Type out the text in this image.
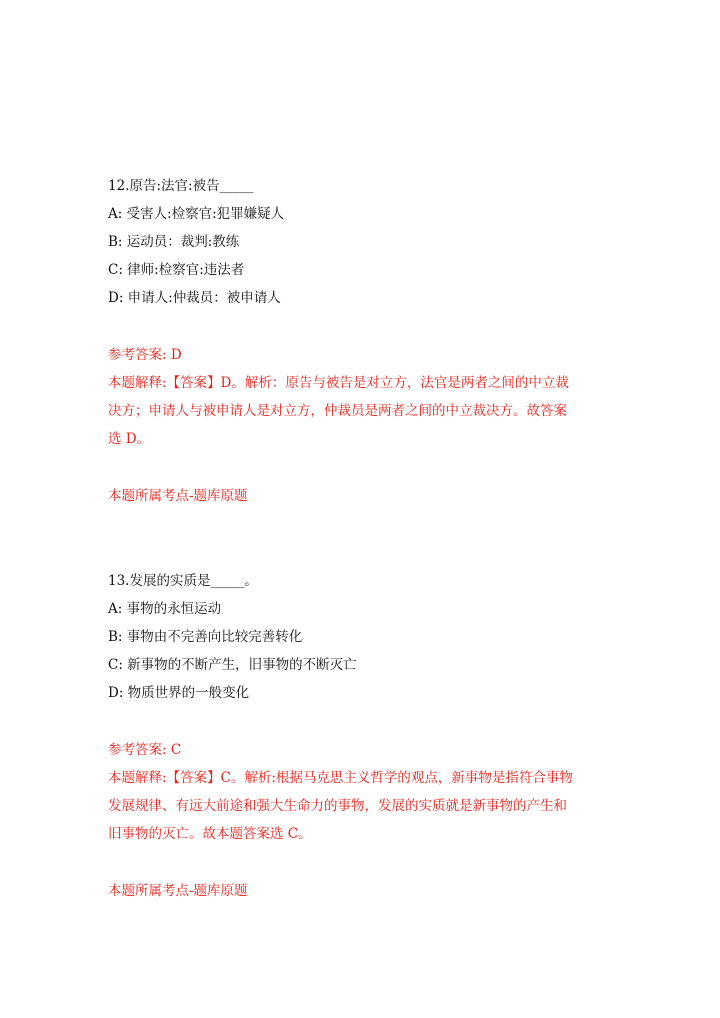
12.原告:法官:被告_____
A: 受害人:检察官:犯罪嫌疑人
B: 运动员：裁判:教练
C: 律师:检察官:违法者
D: 申请人:仲裁员：被申请人
参考答案: D
本题解释:【答案】D。解析：原告与被告是对立方，法官是两者之间的中立裁
决方；申请人与被申请人是对立方，仲裁员是两者之间的中立裁决方。故答案
选 D。
本题所属考点-题库原题
13.发展的实质是_____。
A: 事物的永恒运动
B: 事物由不完善向比较完善转化
C: 新事物的不断产生，旧事物的不断灭亡
D: 物质世界的一般变化
参考答案: C
本题解释:【答案】C。解析:根据马克思主义哲学的观点，新事物是指符合事物
发展规律、有远大前途和强大生命力的事物，发展的实质就是新事物的产生和
旧事物的灭亡。故本题答案选 C。
本题所属考点-题库原题
